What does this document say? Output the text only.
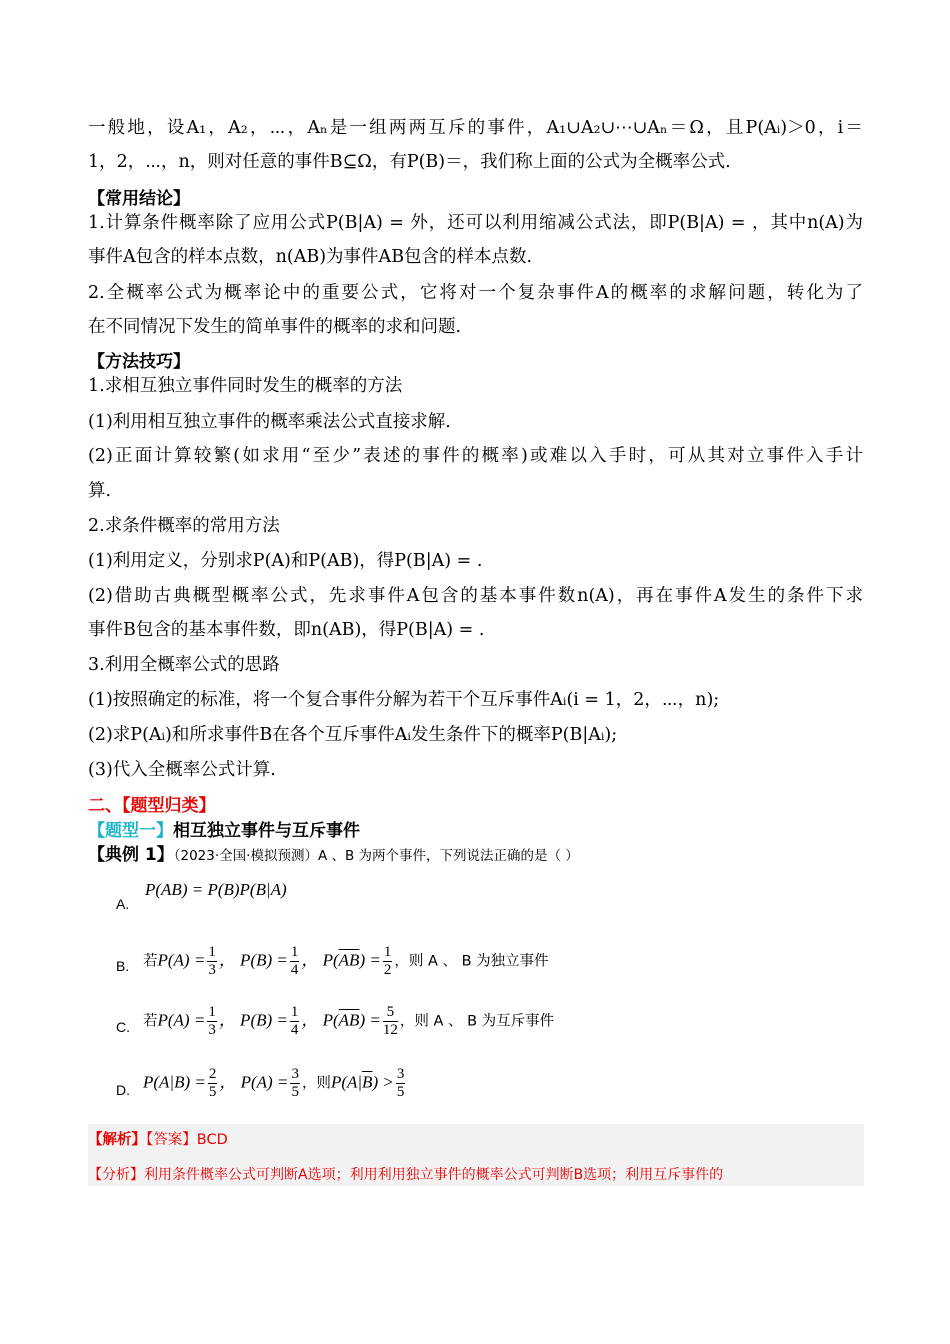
一般地，设A₁，A₂，⋯，Aₙ是一组两两互斥的事件，A₁∪A₂∪⋯∪Aₙ＝Ω，且P(Aᵢ)＞0，i＝
1，2，⋯，n，则对任意的事件B⊆Ω，有P(B)＝，我们称上面的公式为全概率公式.
【常用结论】
1.计算条件概率除了应用公式P(B|A) = 外，还可以利用缩减公式法，即P(B|A) = ，其中n(A)为
事件A包含的样本点数，n(AB)为事件AB包含的样本点数.
2.全概率公式为概率论中的重要公式，它将对一个复杂事件A的概率的求解问题，转化为了
在不同情况下发生的简单事件的概率的求和问题.
【方法技巧】
1.求相互独立事件同时发生的概率的方法
(1)利用相互独立事件的概率乘法公式直接求解.
(2)正面计算较繁(如求用“至少”表述的事件的概率)或难以入手时，可从其对立事件入手计
算.
2.求条件概率的常用方法
(1)利用定义，分别求P(A)和P(AB)，得P(B|A) = .
(2)借助古典概型概率公式，先求事件A包含的基本事件数n(A)，再在事件A发生的条件下求
事件B包含的基本事件数，即n(AB)，得P(B|A) = .
3.利用全概率公式的思路
(1)按照确定的标准，将一个复合事件分解为若干个互斥事件Aᵢ(i = 1，2，⋯，n);
(2)求P(Aᵢ)和所求事件B在各个互斥事件Aᵢ发生条件下的概率P(B|Aᵢ);
(3)代入全概率公式计算.
二、【题型归类】
【题型一】相互独立事件与互斥事件
【典例 1】（2023·全国·模拟预测）A 、B 为两个事件，下列说法正确的是（ ）
A.
P(AB) = P(B)P(B|A)
B. 若$P(A) = \frac{1}{3}$ ， $P(B) = \frac{1}{4}$ ， $P(\overline{AB}) = \frac{1}{2}$ ，则 A 、 B 为独立事件
C. 若$P(A) = \frac{1}{3}$ ， $P(B) = \frac{1}{4}$ ， $P(\overline{AB}) = \frac{5}{12}$ ，则 A 、 B 为互斥事件
D. $P(A|B) = \frac{2}{5}$ ， $P(A) = \frac{3}{5}$ ，则$P(A|\overline{B}) > \frac{3}{5}$
【解析】【答案】BCD
【分析】利用条件概率公式可判断A选项；利用利用独立事件的概率公式可判断B选项；利用互斥事件的
